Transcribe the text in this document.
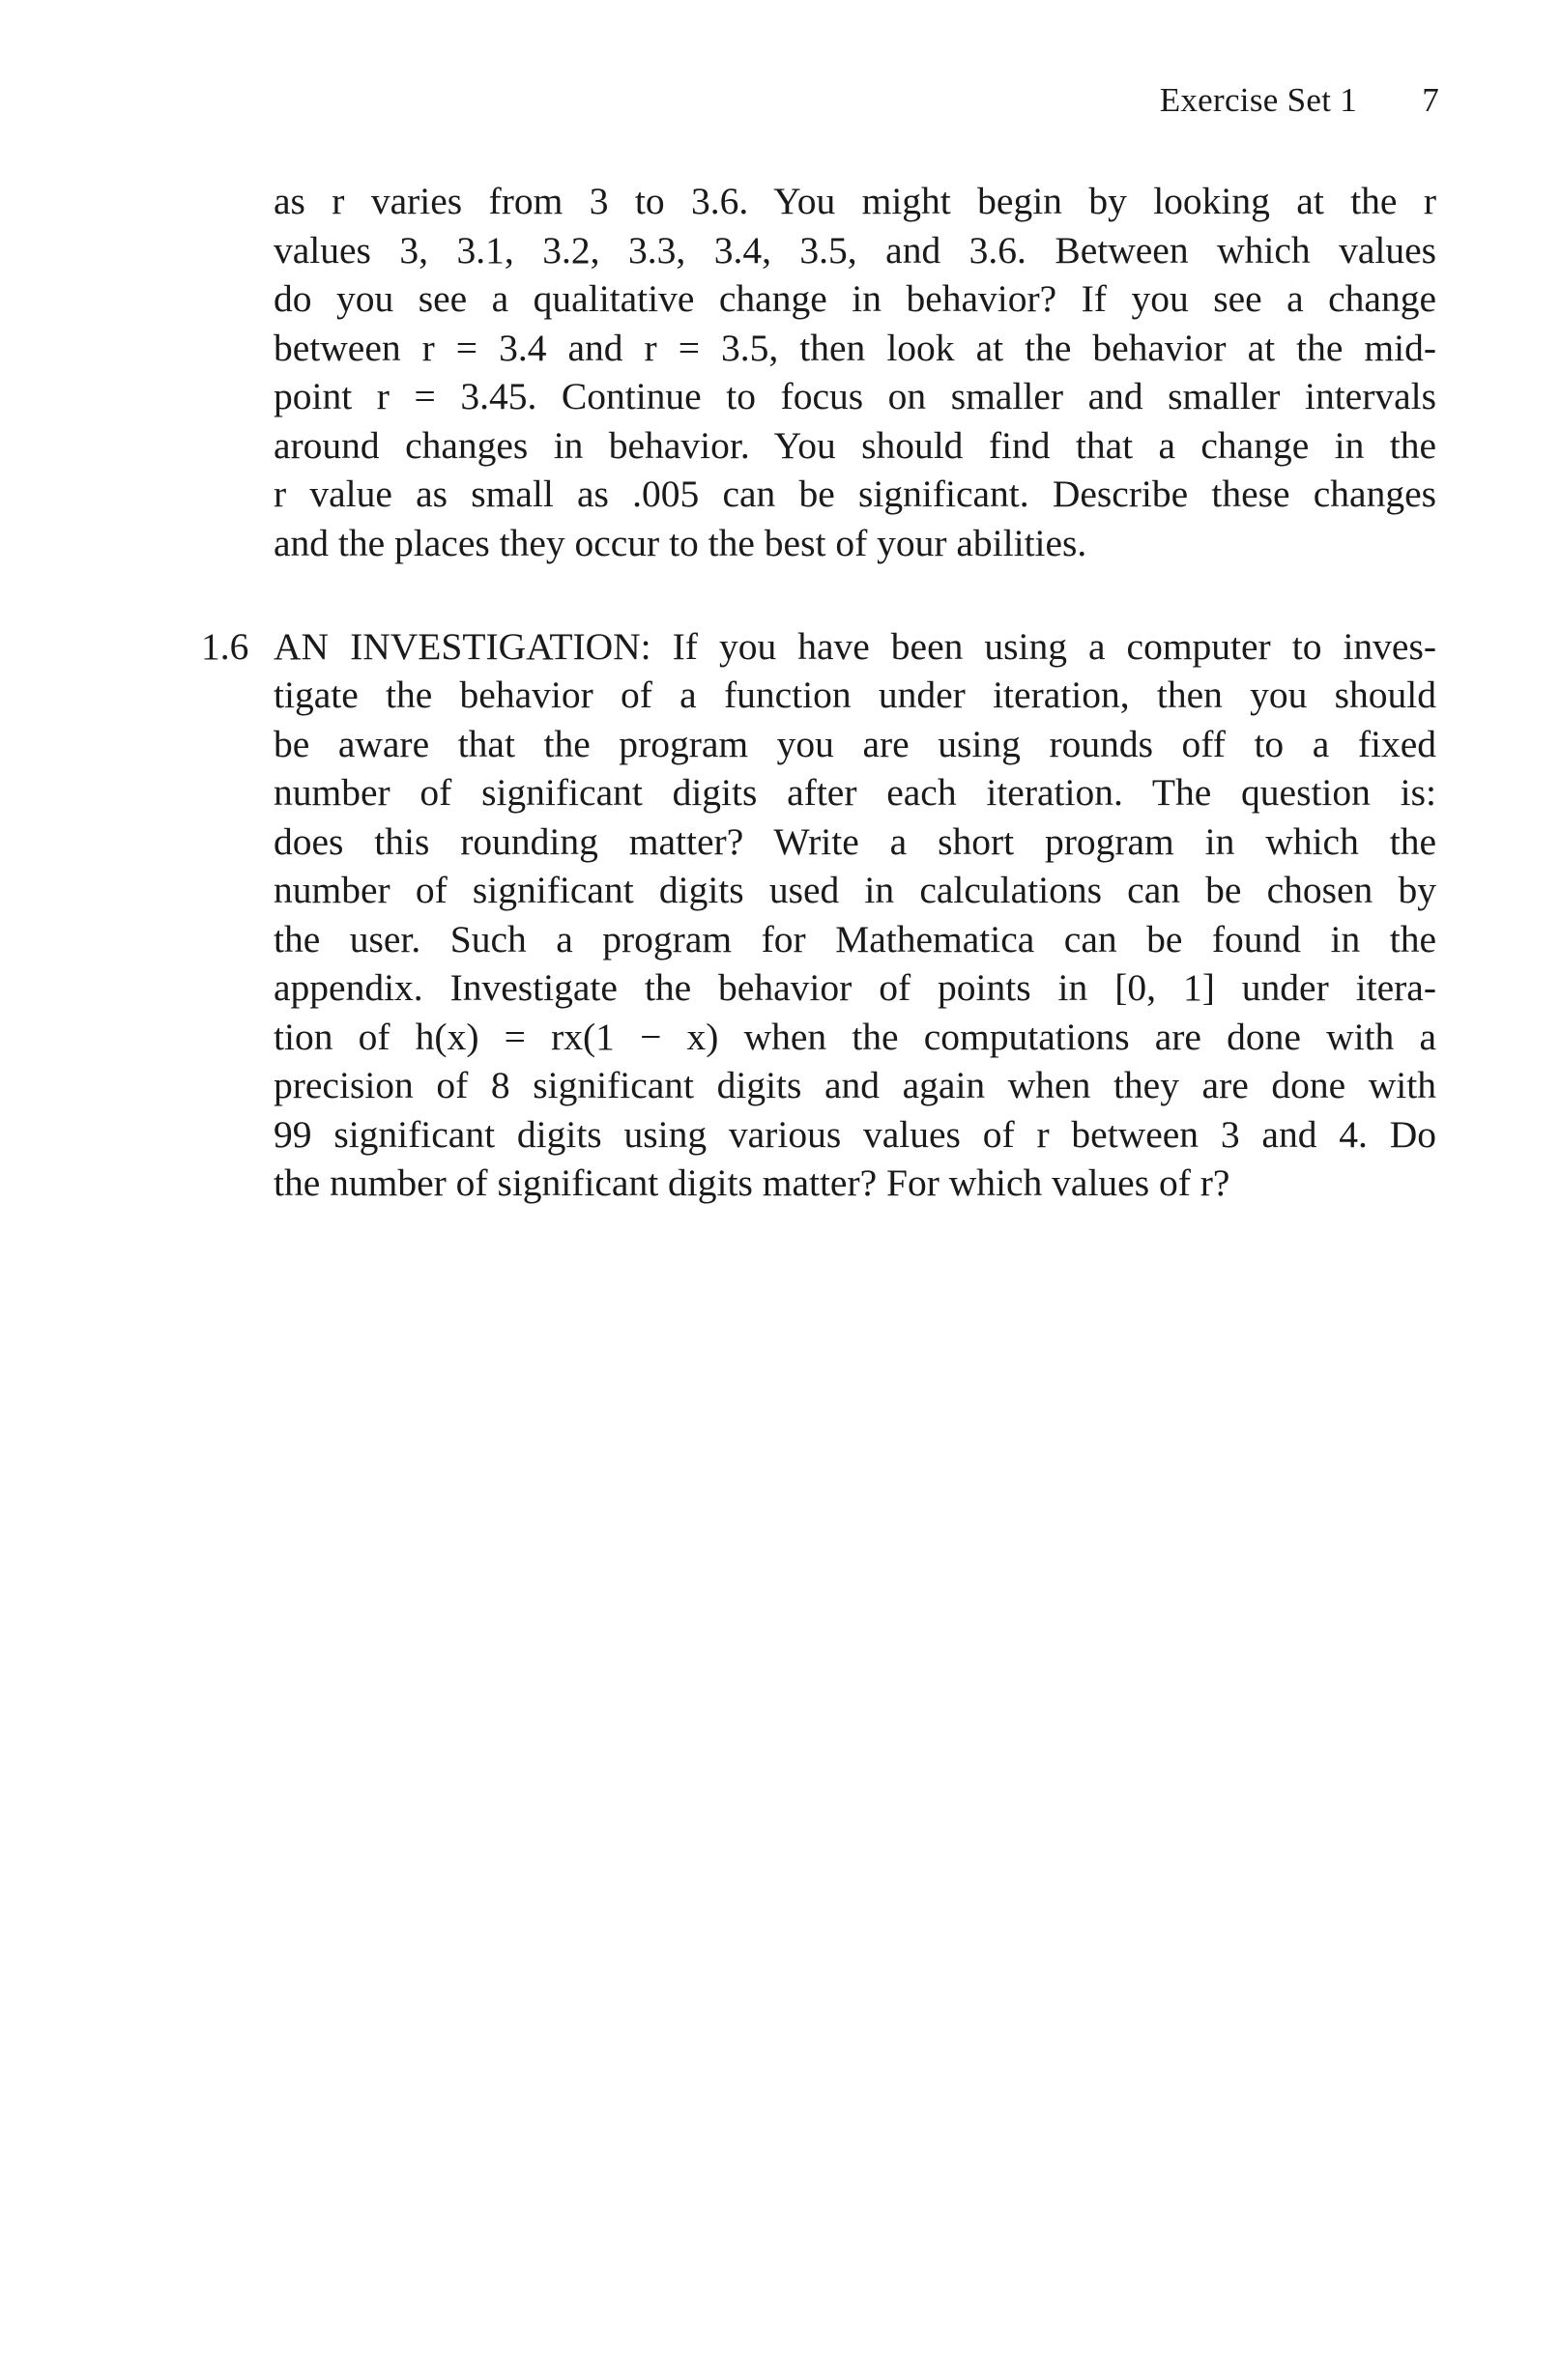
Exercise Set 1 7
as r varies from 3 to 3.6. You might begin by looking at the r
values 3, 3.1, 3.2, 3.3, 3.4, 3.5, and 3.6. Between which values
do you see a qualitative change in behavior? If you see a change
between r = 3.4 and r = 3.5, then look at the behavior at the mid-
point r = 3.45. Continue to focus on smaller and smaller intervals
around changes in behavior. You should find that a change in the
r value as small as .005 can be significant. Describe these changes
and the places they occur to the best of your abilities.
1.6 AN INVESTIGATION: If you have been using a computer to inves-
tigate the behavior of a function under iteration, then you should
be aware that the program you are using rounds off to a fixed
number of significant digits after each iteration. The question is:
does this rounding matter? Write a short program in which the
number of significant digits used in calculations can be chosen by
the user. Such a program for Mathematica can be found in the
appendix. Investigate the behavior of points in [0, 1] under itera-
tion of h(x) = rx(1 − x) when the computations are done with a
precision of 8 significant digits and again when they are done with
99 significant digits using various values of r between 3 and 4. Do
the number of significant digits matter? For which values of r?
